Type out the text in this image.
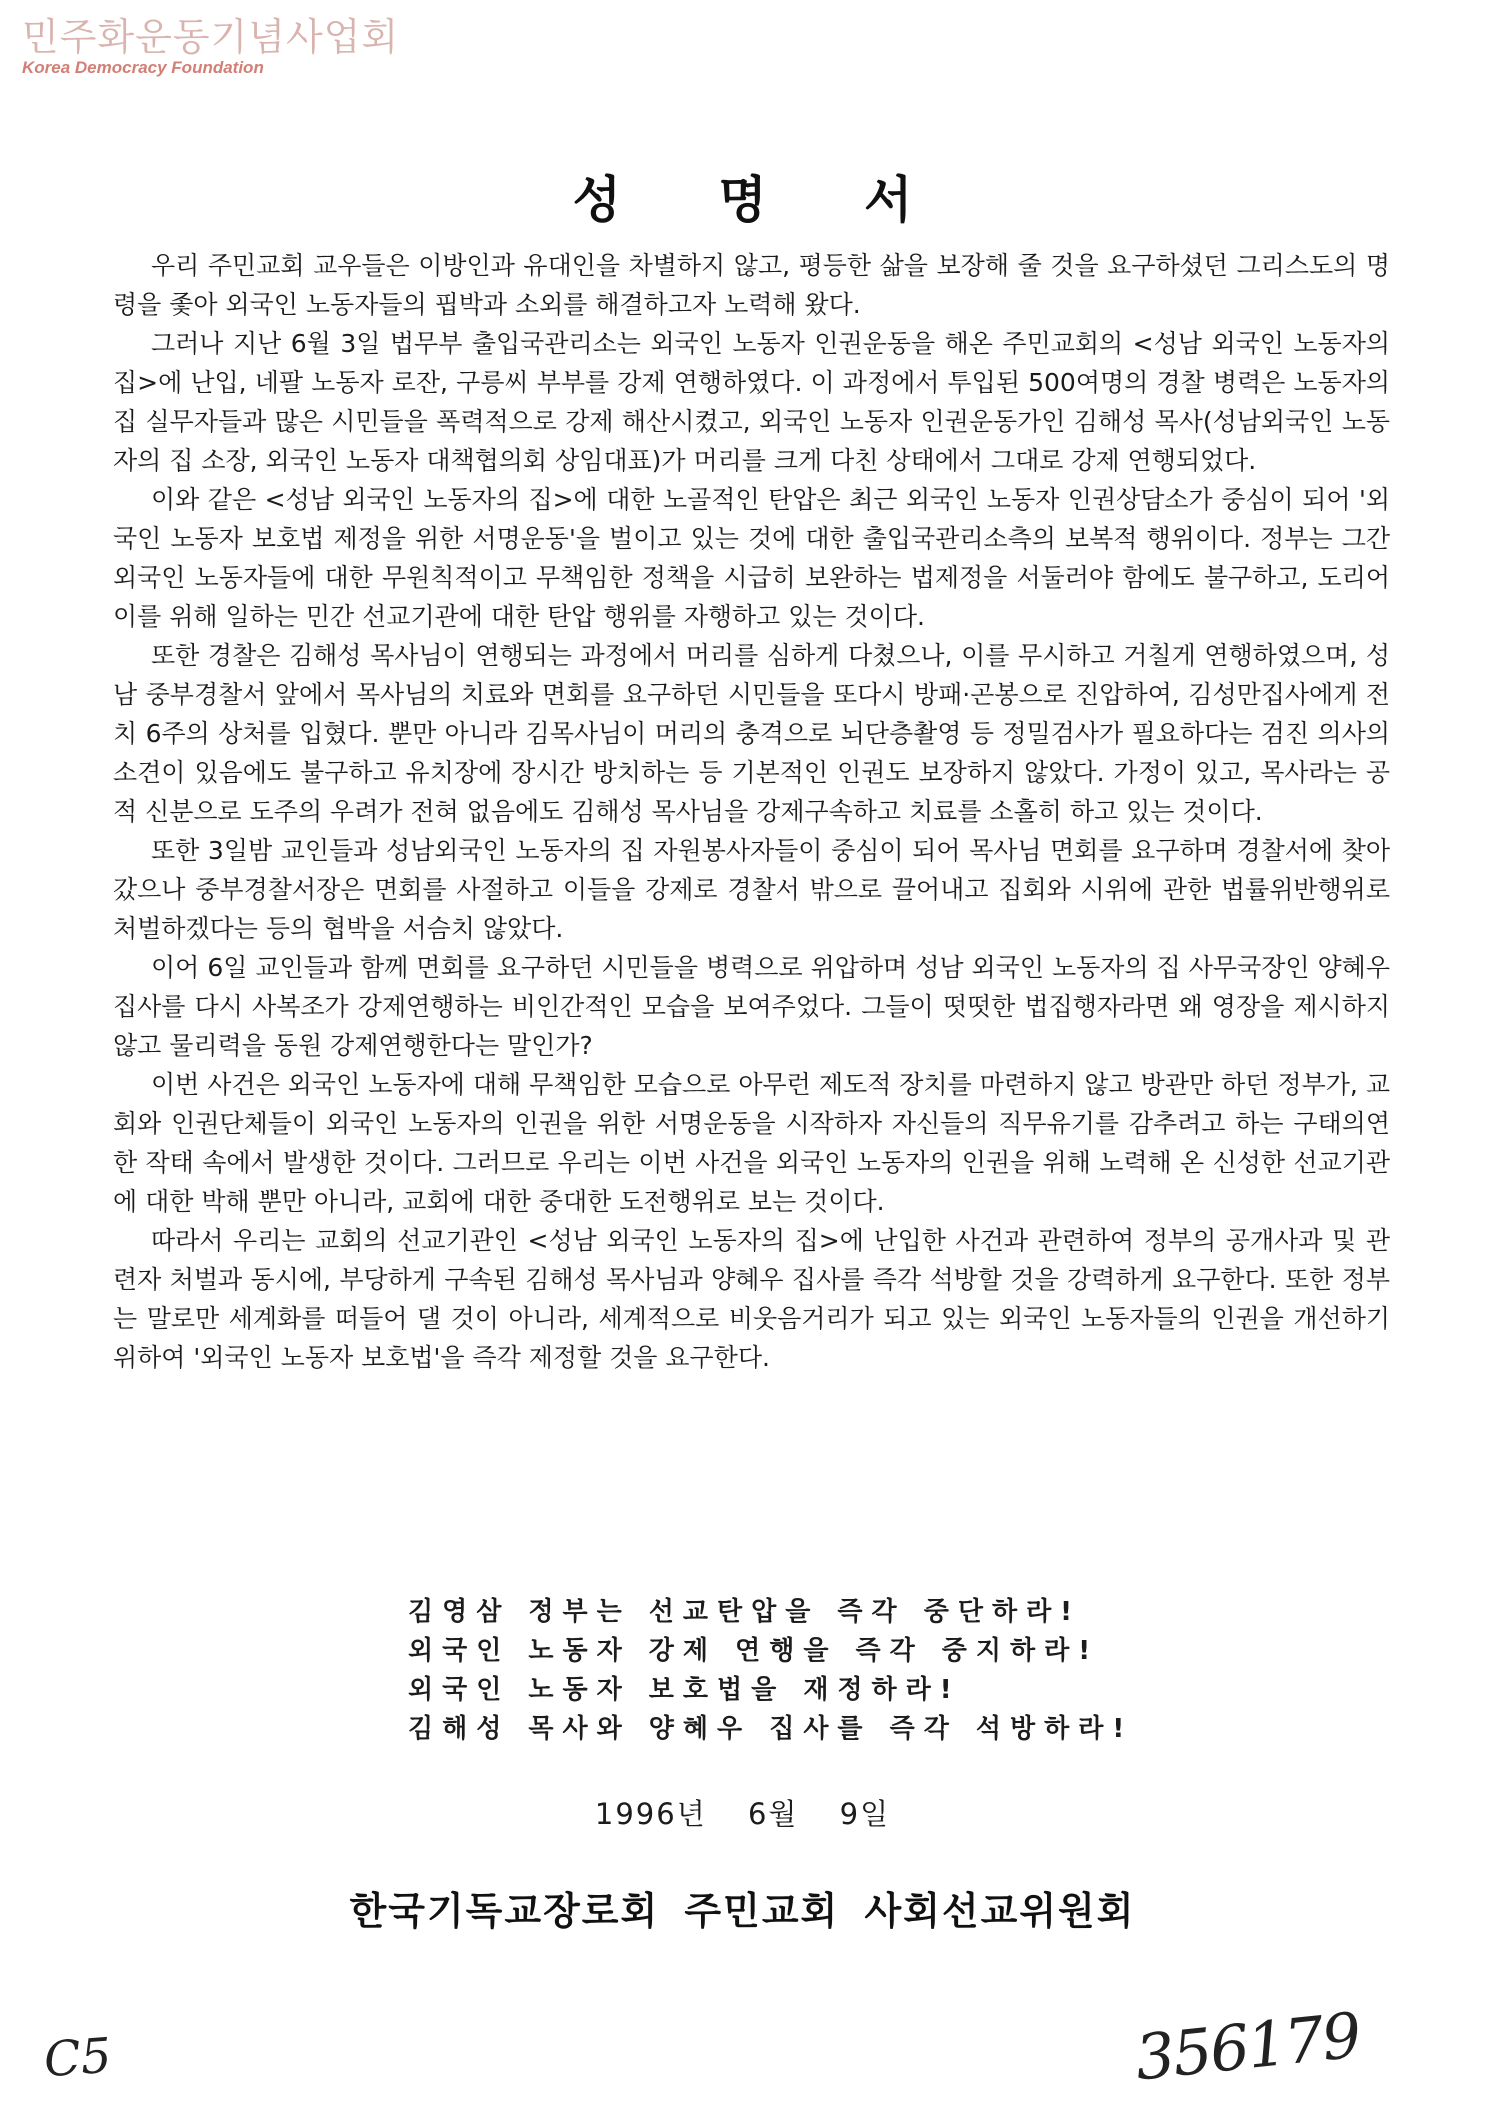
민주화운동기념사업회
Korea Democracy Foundation
성 명 서

우리 주민교회 교우들은 이방인과 유대인을 차별하지 않고, 평등한 삶을 보장해 줄 것을 요구하셨던 그리스도의 명령을 좇아 외국인 노동자들의 핍박과 소외를 해결하고자 노력해 왔다.

그러나 지난 6월 3일 법무부 출입국관리소는 외국인 노동자 인권운동을 해온 주민교회의 <성남 외국인 노동자의 집>에 난입, 네팔 노동자 로잔, 구릉씨 부부를 강제 연행하였다. 이 과정에서 투입된 500여명의 경찰 병력은 노동자의 집 실무자들과 많은 시민들을 폭력적으로 강제 해산시켰고, 외국인 노동자 인권운동가인 김해성 목사(성남외국인 노동자의 집 소장, 외국인 노동자 대책협의회 상임대표)가 머리를 크게 다친 상태에서 그대로 강제 연행되었다.

이와 같은 <성남 외국인 노동자의 집>에 대한 노골적인 탄압은 최근 외국인 노동자 인권상담소가 중심이 되어 '외국인 노동자 보호법 제정을 위한 서명운동'을 벌이고 있는 것에 대한 출입국관리소측의 보복적 행위이다. 정부는 그간 외국인 노동자들에 대한 무원칙적이고 무책임한 정책을 시급히 보완하는 법제정을 서둘러야 함에도 불구하고, 도리어 이를 위해 일하는 민간 선교기관에 대한 탄압 행위를 자행하고 있는 것이다.

또한 경찰은 김해성 목사님이 연행되는 과정에서 머리를 심하게 다쳤으나, 이를 무시하고 거칠게 연행하였으며, 성남 중부경찰서 앞에서 목사님의 치료와 면회를 요구하던 시민들을 또다시 방패·곤봉으로 진압하여, 김성만집사에게 전치 6주의 상처를 입혔다. 뿐만 아니라 김목사님이 머리의 충격으로 뇌단층촬영 등 정밀검사가 필요하다는 검진 의사의 소견이 있음에도 불구하고 유치장에 장시간 방치하는 등 기본적인 인권도 보장하지 않았다. 가정이 있고, 목사라는 공적 신분으로 도주의 우려가 전혀 없음에도 김해성 목사님을 강제구속하고 치료를 소홀히 하고 있는 것이다.

또한 3일밤 교인들과 성남외국인 노동자의 집 자원봉사자들이 중심이 되어 목사님 면회를 요구하며 경찰서에 찾아 갔으나 중부경찰서장은 면회를 사절하고 이들을 강제로 경찰서 밖으로 끌어내고 집회와 시위에 관한 법률위반행위로 처벌하겠다는 등의 협박을 서슴치 않았다.

이어 6일 교인들과 함께 면회를 요구하던 시민들을 병력으로 위압하며 성남 외국인 노동자의 집 사무국장인 양혜우 집사를 다시 사복조가 강제연행하는 비인간적인 모습을 보여주었다. 그들이 떳떳한 법집행자라면 왜 영장을 제시하지 않고 물리력을 동원 강제연행한다는 말인가?

이번 사건은 외국인 노동자에 대해 무책임한 모습으로 아무런 제도적 장치를 마련하지 않고 방관만 하던 정부가, 교회와 인권단체들이 외국인 노동자의 인권을 위한 서명운동을 시작하자 자신들의 직무유기를 감추려고 하는 구태의연한 작태 속에서 발생한 것이다. 그러므로 우리는 이번 사건을 외국인 노동자의 인권을 위해 노력해 온 신성한 선교기관에 대한 박해 뿐만 아니라, 교회에 대한 중대한 도전행위로 보는 것이다.

따라서 우리는 교회의 선교기관인 <성남 외국인 노동자의 집>에 난입한 사건과 관련하여 정부의 공개사과 및 관련자 처벌과 동시에, 부당하게 구속된 김해성 목사님과 양혜우 집사를 즉각 석방할 것을 강력하게 요구한다. 또한 정부는 말로만 세계화를 떠들어 댈 것이 아니라, 세계적으로 비웃음거리가 되고 있는 외국인 노동자들의 인권을 개선하기 위하여 '외국인 노동자 보호법'을 즉각 제정할 것을 요구한다.

김영삼 정부는 선교탄압을 즉각 중단하라!
외국인 노동자 강제 연행을 즉각 중지하라!
외국인 노동자 보호법을 재정하라!
김해성 목사와 양혜우 집사를 즉각 석방하라!
1996년 6월 9일
한국기독교장로회 주민교회 사회선교위원회
C5	356179
